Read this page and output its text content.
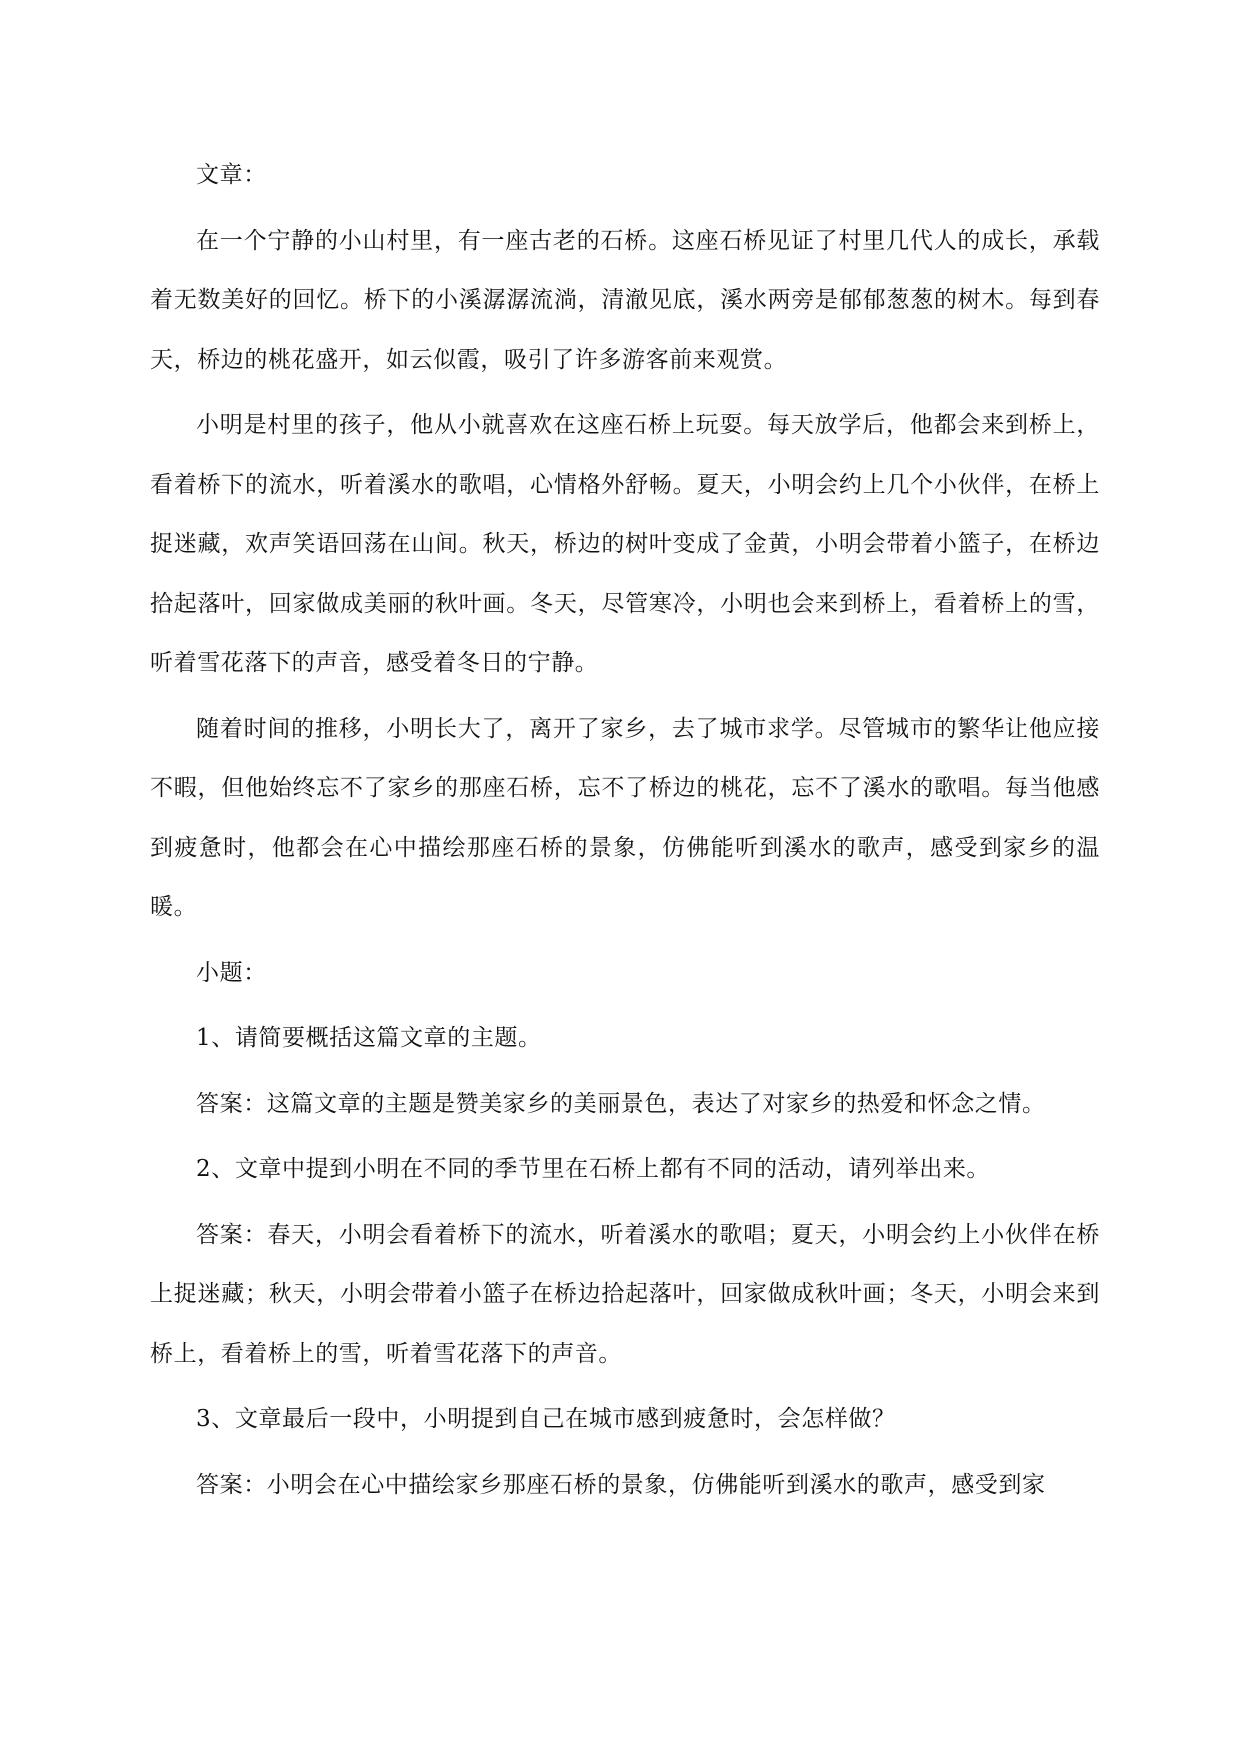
文章：

在一个宁静的小山村里，有一座古老的石桥。这座石桥见证了村里几代人的成长，承载着无数美好的回忆。桥下的小溪潺潺流淌，清澈见底，溪水两旁是郁郁葱葱的树木。每到春天，桥边的桃花盛开，如云似霞，吸引了许多游客前来观赏。

小明是村里的孩子，他从小就喜欢在这座石桥上玩耍。每天放学后，他都会来到桥上，看着桥下的流水，听着溪水的歌唱，心情格外舒畅。夏天，小明会约上几个小伙伴，在桥上捉迷藏，欢声笑语回荡在山间。秋天，桥边的树叶变成了金黄，小明会带着小篮子，在桥边拾起落叶，回家做成美丽的秋叶画。冬天，尽管寒冷，小明也会来到桥上，看着桥上的雪，听着雪花落下的声音，感受着冬日的宁静。

随着时间的推移，小明长大了，离开了家乡，去了城市求学。尽管城市的繁华让他应接不暇，但他始终忘不了家乡的那座石桥，忘不了桥边的桃花，忘不了溪水的歌唱。每当他感到疲惫时，他都会在心中描绘那座石桥的景象，仿佛能听到溪水的歌声，感受到家乡的温暖。

小题：

1、请简要概括这篇文章的主题。

答案：这篇文章的主题是赞美家乡的美丽景色，表达了对家乡的热爱和怀念之情。

2、文章中提到小明在不同的季节里在石桥上都有不同的活动，请列举出来。

答案：春天，小明会看着桥下的流水，听着溪水的歌唱；夏天，小明会约上小伙伴在桥上捉迷藏；秋天，小明会带着小篮子在桥边拾起落叶，回家做成秋叶画；冬天，小明会来到桥上，看着桥上的雪，听着雪花落下的声音。

3、文章最后一段中，小明提到自己在城市感到疲惫时，会怎样做？

答案：小明会在心中描绘家乡那座石桥的景象，仿佛能听到溪水的歌声，感受到家
